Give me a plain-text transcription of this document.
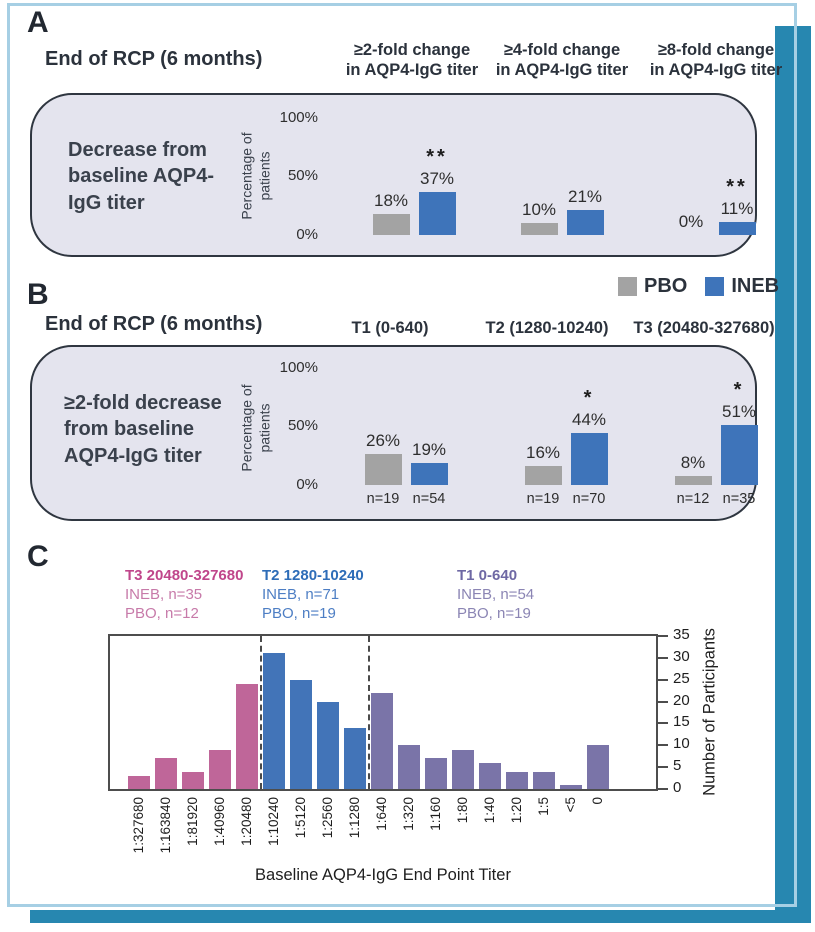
A
End of RCP (6 months)
Decrease from baseline AQP4-IgG titer	Percentage of patients
PBO INEB
B
End of RCP (6 months)
≥2-fold decrease from baseline AQP4-IgG titer	Percentage of patients
C
Number of Participants
Baseline AQP4-IgG End Point Titer
≥2-fold change
in AQP4-IgG titer
≥4-fold change
in AQP4-IgG titer
≥8-fold change
in AQP4-IgG titer
100%
50%
0%
18%
**
37%
10%
21%
0%
**
11%
T1 (0-640)	T2 (1280-10240)	T3 (20480-327680)
100%
50%
0%
26%
n=19
19%
n=54
16%
n=19
*
44%
n=70
8%
n=12
*
51%
n=35
35
30
25
20
15
10
5
0
1:327680 1:163840 1:81920 1:40960 1:20480 1:10240 1:5120 1:2560 1:1280 1:640 1:320 1:160 1:80 1:40 1:20 1:5 <5 0
T3 20480-327680
INEB, n=35
PBO, n=12
T2 1280-10240
INEB, n=71
PBO, n=19
T1 0-640
INEB, n=54
PBO, n=19
